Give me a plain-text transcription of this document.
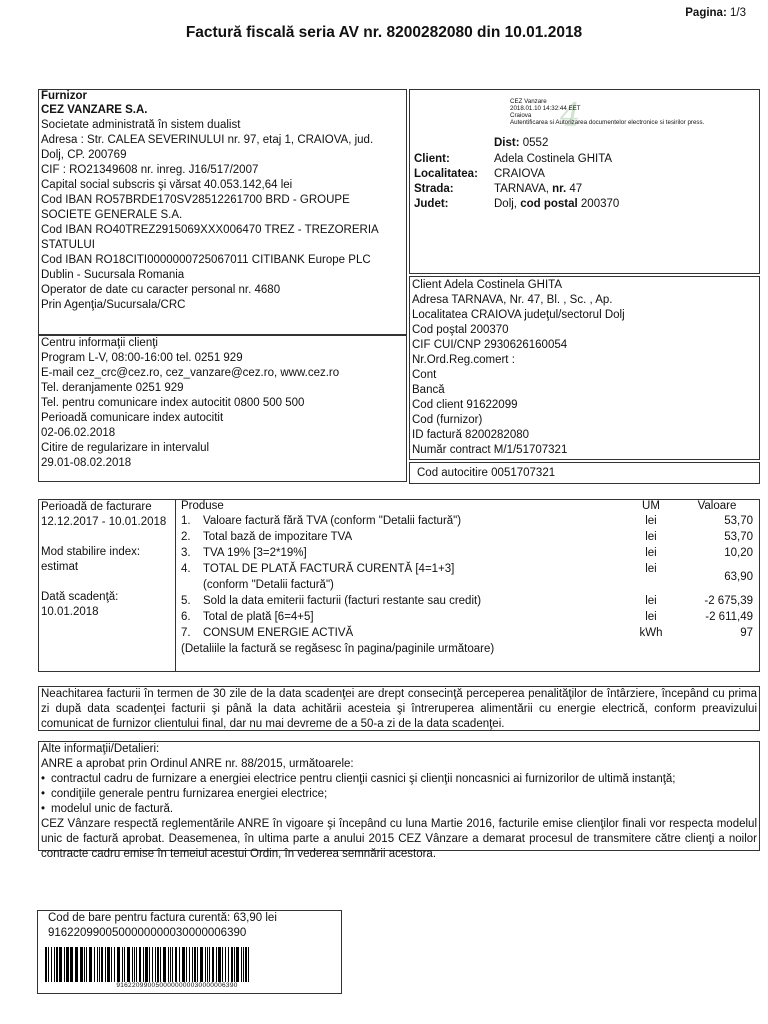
Pagina: 1/3
Factură fiscală seria AV nr. 8200282080 din 10.01.2018
Furnizor
CEZ VANZARE S.A.
Societate administrată în sistem dualist
Adresa : Str. CALEA SEVERINULUI nr. 97, etaj 1, CRAIOVA, jud.
Dolj, CP. 200769
CIF : RO21349608 nr. inreg. J16/517/2007
Capital social subscris şi vărsat 40.053.142,64 lei
Cod IBAN RO57BRDE170SV28512261700 BRD - GROUPE
SOCIETE GENERALE S.A.
Cod IBAN RO40TREZ2915069XXX006470 TREZ - TREZORERIA
STATULUI
Cod IBAN RO18CITI0000000725067011 CITIBANK Europe PLC
Dublin - Sucursala Romania
Operator de date cu caracter personal nr. 4680
Prin Agenţia/Sucursala/CRC
4
CEZ Vanzare
2018.01.10 14:32:44 EET
Craiova
Autentificarea si Autorizarea documentelor electronice si tesirilor press.
Dist: 0552
Client:	Adela Costinela GHITA
Localitatea:	CRAIOVA
Strada:	TARNAVA, nr. 47
Judet:	Dolj, cod postal 200370
Centru informaţii clienţi
Program L-V, 08:00-16:00 tel. 0251 929
E-mail cez_crc@cez.ro, cez_vanzare@cez.ro, www.cez.ro
Tel. deranjamente 0251 929
Tel. pentru comunicare index autocitit 0800 500 500
Perioadă comunicare index autocitit
02-06.02.2018
Citire de regularizare in intervalul
29.01-08.02.2018
Client Adela Costinela GHITA
Adresa TARNAVA, Nr. 47, Bl. , Sc. , Ap.
Localitatea CRAIOVA judeţul/sectorul Dolj
Cod poştal 200370
CIF CUI/CNP 2930626160054
Nr.Ord.Reg.comert :
Cont
Bancă
Cod client 91622099
Cod (furnizor)
ID factură 8200282080
Număr contract M/1/51707321
Cod autocitire 0051707321
Perioadă de facturare
12.12.2017 - 10.01.2018

Mod stabilire index:
estimat

Dată scadenţă:
10.01.2018
Produse		UM	Valoare
1.	Valoare factură fără TVA (conform "Detalii factură")	lei	53,70
2.	Total bază de impozitare TVA	lei	53,70
3.	TVA 19% [3=2*19%]	lei	10,20
4.	TOTAL DE PLATĂ FACTURĂ CURENTĂ [4=1+3]
(conform "Detalii factură")	lei	63,90
5.	Sold la data emiterii facturii (facturi restante sau credit)	lei	-2 675,39
6.	Total de plată [6=4+5]	lei	-2 611,49
7.	CONSUM ENERGIE ACTIVĂ	kWh	97
(Detaliile la factură se regăsesc în pagina/paginile următoare)			
Neachitarea facturii în termen de 30 zile de la data scadenţei are drept consecinţă perceperea penalităţilor de întârziere, începând cu prima zi după data scadenţei facturii şi până la data achitării acesteia şi întreruperea alimentării cu energie electrică, conform preavizului comunicat de furnizor clientului final, dar nu mai devreme de a 50-a zi de la data scadenţei.
Alte informaţii/Detalieri:
ANRE a aprobat prin Ordinul ANRE nr. 88/2015, următoarele:
• contractul cadru de furnizare a energiei electrice pentru clienţii casnici şi clienţii noncasnici ai furnizorilor de ultimă instanţă;
• condiţiile generale pentru furnizarea energiei electrice;
• modelul unic de factură.
CEZ Vânzare respectă reglementările ANRE în vigoare şi începând cu luna Martie 2016, facturile emise clienţilor finali vor respecta modelul unic de factură aprobat. Deasemenea, în ultima parte a anului 2015 CEZ Vânzare a demarat procesul de transmitere către clienţi a noilor contracte cadru emise în temeiul acestui Ordin, în vederea semnării acestora.
Cod de bare pentru factura curentă: 63,90 lei
9162209900500000000030000006390
9162209900500000000030000006390
